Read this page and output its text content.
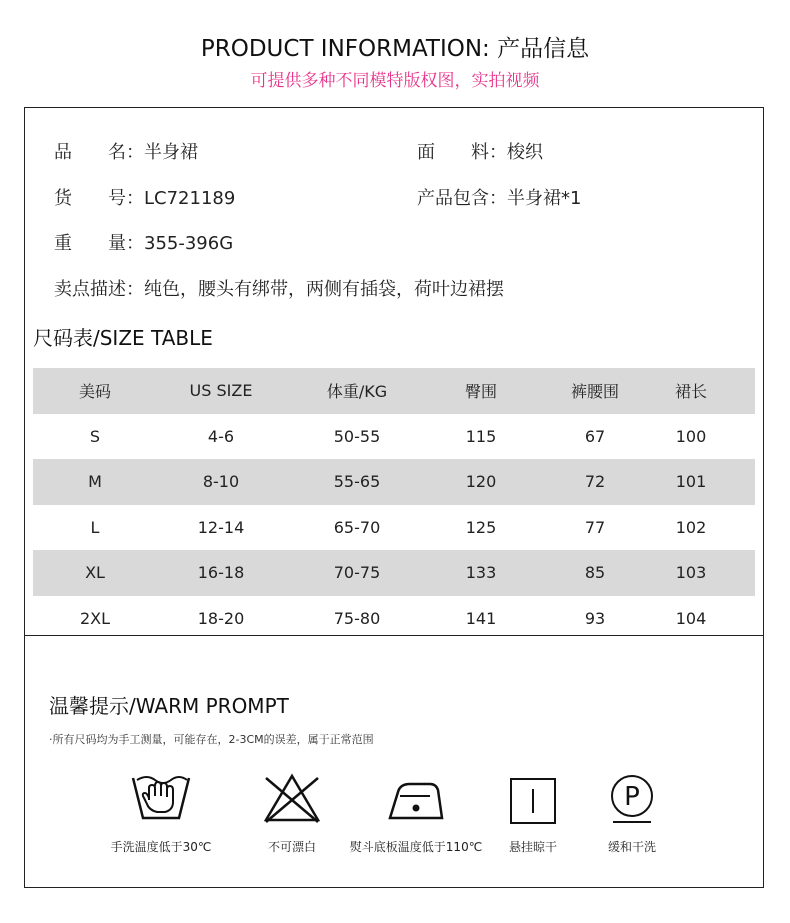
PRODUCT INFORMATION: 产品信息
可提供多种不同模特版权图，实拍视频
品　　名：半身裙	面　　料：梭织
货　　号：LC721189	产品包含：半身裙*1
重　　量：355-396G
卖点描述：纯色，腰头有绑带，两侧有插袋，荷叶边裙摆
尺码表/SIZE TABLE
美码	US SIZE	体重/KG	臀围	裤腰围	裙长
S	4-6	50-55	115	67	100
M	8-10	55-65	120	72	101
L	12-14	65-70	125	77	102
XL	16-18	70-75	133	85	103
2XL	18-20	75-80	141	93	104
温馨提示/WARM PROMPT
·所有尺码均为手工测量，可能存在，2-3CM的误差，属于正常范围
手洗温度低于30℃	不可漂白	熨斗底板温度低于110℃	悬挂晾干
P
缓和干洗
